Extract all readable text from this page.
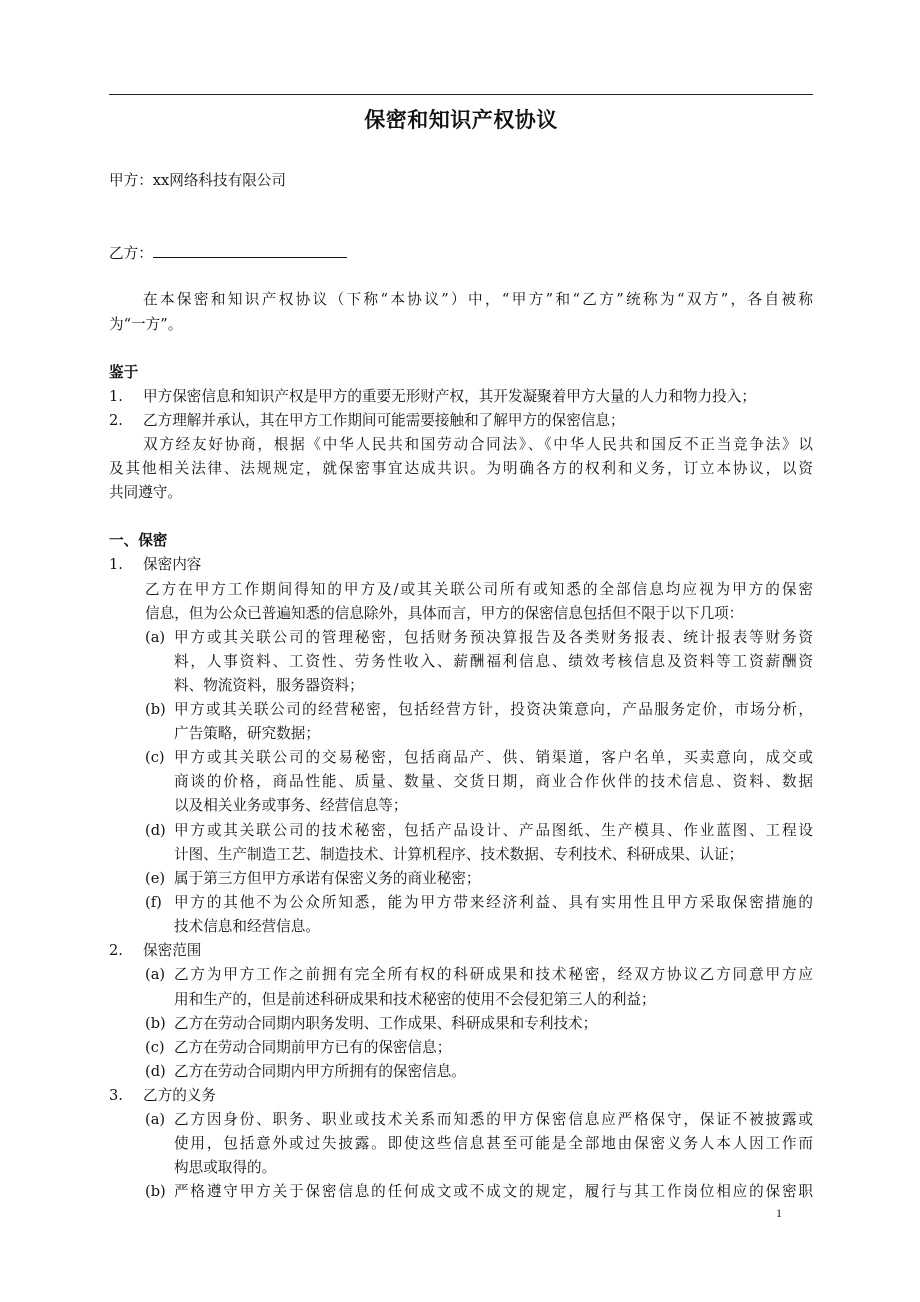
保密和知识产权协议
甲方：xx网络科技有限公司
乙方：
在本保密和知识产权协议（下称“本协议”）中，“甲方”和“乙方”统称为“双方”，各自被称
为“一方”。
鉴于
1. 甲方保密信息和知识产权是甲方的重要无形财产权，其开发凝聚着甲方大量的人力和物力投入；
2. 乙方理解并承认，其在甲方工作期间可能需要接触和了解甲方的保密信息；
双方经友好协商，根据《中华人民共和国劳动合同法》、《中华人民共和国反不正当竞争法》以
及其他相关法律、法规规定，就保密事宜达成共识。为明确各方的权利和义务，订立本协议，以资
共同遵守。
一、保密
1. 保密内容
乙方在甲方工作期间得知的甲方及/或其关联公司所有或知悉的全部信息均应视为甲方的保密
信息，但为公众已普遍知悉的信息除外，具体而言，甲方的保密信息包括但不限于以下几项：
(a) 甲方或其关联公司的管理秘密，包括财务预决算报告及各类财务报表、统计报表等财务资
料，人事资料、工资性、劳务性收入、薪酬福利信息、绩效考核信息及资料等工资薪酬资
料、物流资料，服务器资料；
(b) 甲方或其关联公司的经营秘密，包括经营方针，投资决策意向，产品服务定价，市场分析，
广告策略，研究数据；
(c) 甲方或其关联公司的交易秘密，包括商品产、供、销渠道，客户名单，买卖意向，成交或
商谈的价格，商品性能、质量、数量、交货日期，商业合作伙伴的技术信息、资料、数据
以及相关业务或事务、经营信息等；
(d) 甲方或其关联公司的技术秘密，包括产品设计、产品图纸、生产模具、作业蓝图、工程设
计图、生产制造工艺、制造技术、计算机程序、技术数据、专利技术、科研成果、认证；
(e) 属于第三方但甲方承诺有保密义务的商业秘密；
(f) 甲方的其他不为公众所知悉，能为甲方带来经济利益、具有实用性且甲方采取保密措施的
技术信息和经营信息。
2. 保密范围
(a) 乙方为甲方工作之前拥有完全所有权的科研成果和技术秘密，经双方协议乙方同意甲方应
用和生产的，但是前述科研成果和技术秘密的使用不会侵犯第三人的利益；
(b) 乙方在劳动合同期内职务发明、工作成果、科研成果和专利技术；
(c) 乙方在劳动合同期前甲方已有的保密信息；
(d) 乙方在劳动合同期内甲方所拥有的保密信息。
3. 乙方的义务
(a) 乙方因身份、职务、职业或技术关系而知悉的甲方保密信息应严格保守，保证不被披露或
使用，包括意外或过失披露。即使这些信息甚至可能是全部地由保密义务人本人因工作而
构思或取得的。
(b) 严格遵守甲方关于保密信息的任何成文或不成文的规定，履行与其工作岗位相应的保密职
1
